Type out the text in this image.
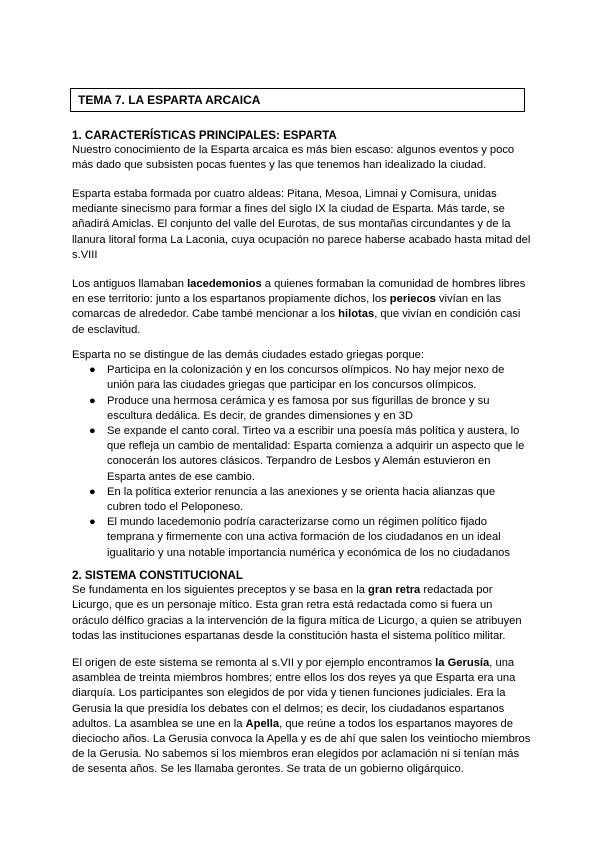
TEMA 7. LA ESPARTA ARCAICA

1. CARACTERÍSTICAS PRINCIPALES: ESPARTA

Nuestro conocimiento de la Esparta arcaica es más bien escaso: algunos eventos y poco más dado que subsisten pocas fuentes y las que tenemos han idealizado la ciudad.

Esparta estaba formada por cuatro aldeas: Pitana, Mesoa, Limnai y Comisura, unidas mediante sinecismo para formar a fines del siglo IX la ciudad de Esparta. Más tarde, se añadirá Amiclas. El conjunto del valle del Eurotas, de sus montañas circundantes y de la llanura litoral forma La Laconia, cuya ocupación no parece haberse acabado hasta mitad del s.VIII

Los antiguos llamaban lacedemonios a quienes formaban la comunidad de hombres libres en ese territorio: junto a los espartanos propiamente dichos, los periecos vivían en las comarcas de alrededor. Cabe també mencionar a los hilotas, que vivían en condición casi de esclavitud.

Esparta no se distingue de las demás ciudades estado griegas porque:

● Participa en la colonización y en los concursos olímpicos. No hay mejor nexo de unión para las ciudades griegas que participar en los concursos olímpicos.
● Produce una hermosa cerámica y es famosa por sus figurillas de bronce y su escultura dedálica. Es decir, de grandes dimensiones y en 3D
● Se expande el canto coral. Tirteo va a escribir una poesía más política y austera, lo que refleja un cambio de mentalidad: Esparta comienza a adquirir un aspecto que le conocerán los autores clásicos. Terpandro de Lesbos y Alemán estuvieron en Esparta antes de ese cambio.
● En la política exterior renuncia a las anexiones y se orienta hacia alianzas que cubren todo el Peloponeso.
● El mundo lacedemonio podría caracterizarse como un régimen político fijado temprana y firmemente con una activa formación de los ciudadanos en un ideal igualitario y una notable importancia numérica y económica de los no ciudadanos

2. SISTEMA CONSTITUCIONAL

Se fundamenta en los siguientes preceptos y se basa en la gran retra redactada por Licurgo, que es un personaje mítico. Esta gran retra está redactada como si fuera un oráculo délfico gracias a la intervención de la figura mítica de Licurgo, a quien se atribuyen todas las instituciones espartanas desde la constitución hasta el sistema político militar.

El origen de este sistema se remonta al s.VII y por ejemplo encontramos la Gerusía, una asamblea de treinta miembros hombres; entre ellos los dos reyes ya que Esparta era una diarquía. Los participantes son elegidos de por vida y tienen funciones judiciales. Era la Gerusia la que presidía los debates con el delmos; es decir, los ciudadanos espartanos adultos. La asamblea se une en la Apella, que reúne a todos los espartanos mayores de dieciocho años. La Gerusia convoca la Apella y es de ahí que salen los veintiocho miembros de la Gerusia. No sabemos si los miembros eran elegidos por aclamación ni si tenían más de sesenta años. Se les llamaba gerontes. Se trata de un gobierno oligárquico.
